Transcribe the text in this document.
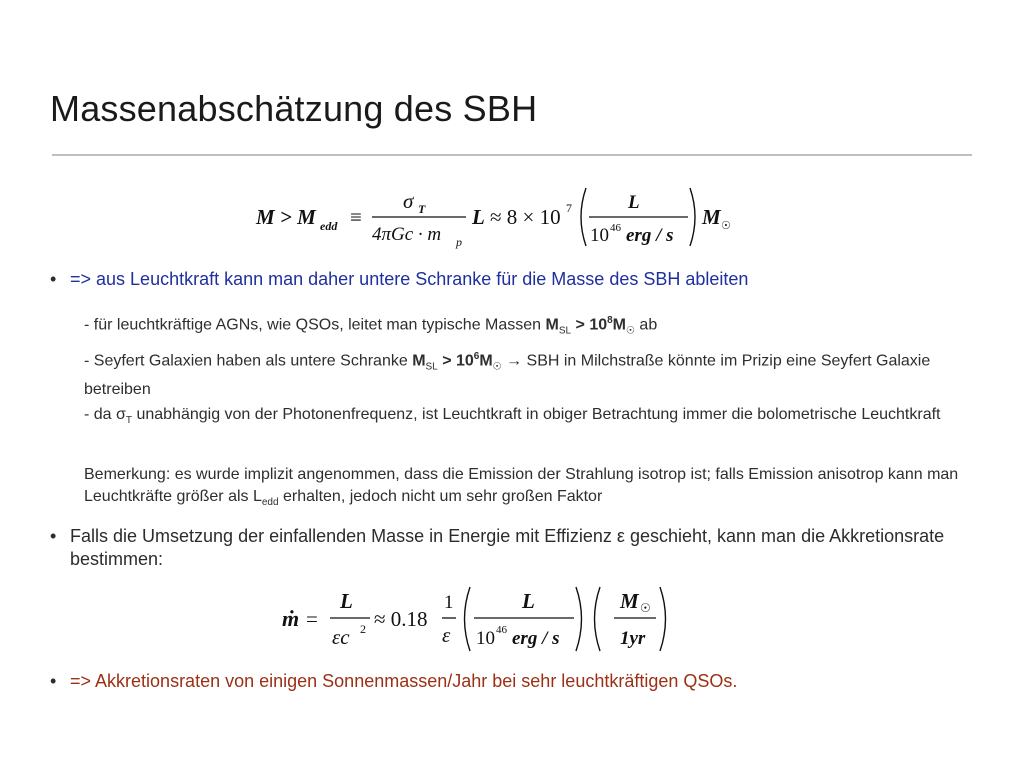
Massenabschätzung des SBH
M > M edd ≡
σ T
4πGc · m p
L ≈ 8 × 10 7	L
10 46 erg / s
M ☉
• => aus Leuchtkraft kann man daher untere Schranke für die Masse des SBH ableiten
- für leuchtkräftige AGNs, wie QSOs, leitet man typische Massen $M_{SL} > 10^8M_☉$ ab
- Seyfert Galaxien haben als untere Schranke $M_{SL} > 10^6M_☉$ → SBH in Milchstraße könnte im Prizip eine Seyfert Galaxie betreiben
- da $\sigma_T$ unabhängig von der Photonenfrequenz, ist Leuchtkraft in obiger Betrachtung immer die bolometrische Leuchtkraft
Bemerkung: es wurde implizit angenommen, dass die Emission der Strahlung isotrop ist; falls Emission anisotrop kann man Leuchtkräfte größer als $L_{edd}$ erhalten, jedoch nicht um sehr großen Faktor
• Falls die Umsetzung der einfallenden Masse in Energie mit Effizienz ε geschieht, kann man die Akkretionsrate bestimmen:
ṁ =
L
εc 2 ≈ 0.18
1
ε
L
10 46 erg / s
M ☉
1yr
• => Akkretionsraten von einigen Sonnenmassen/Jahr bei sehr leuchtkräftigen QSOs.
